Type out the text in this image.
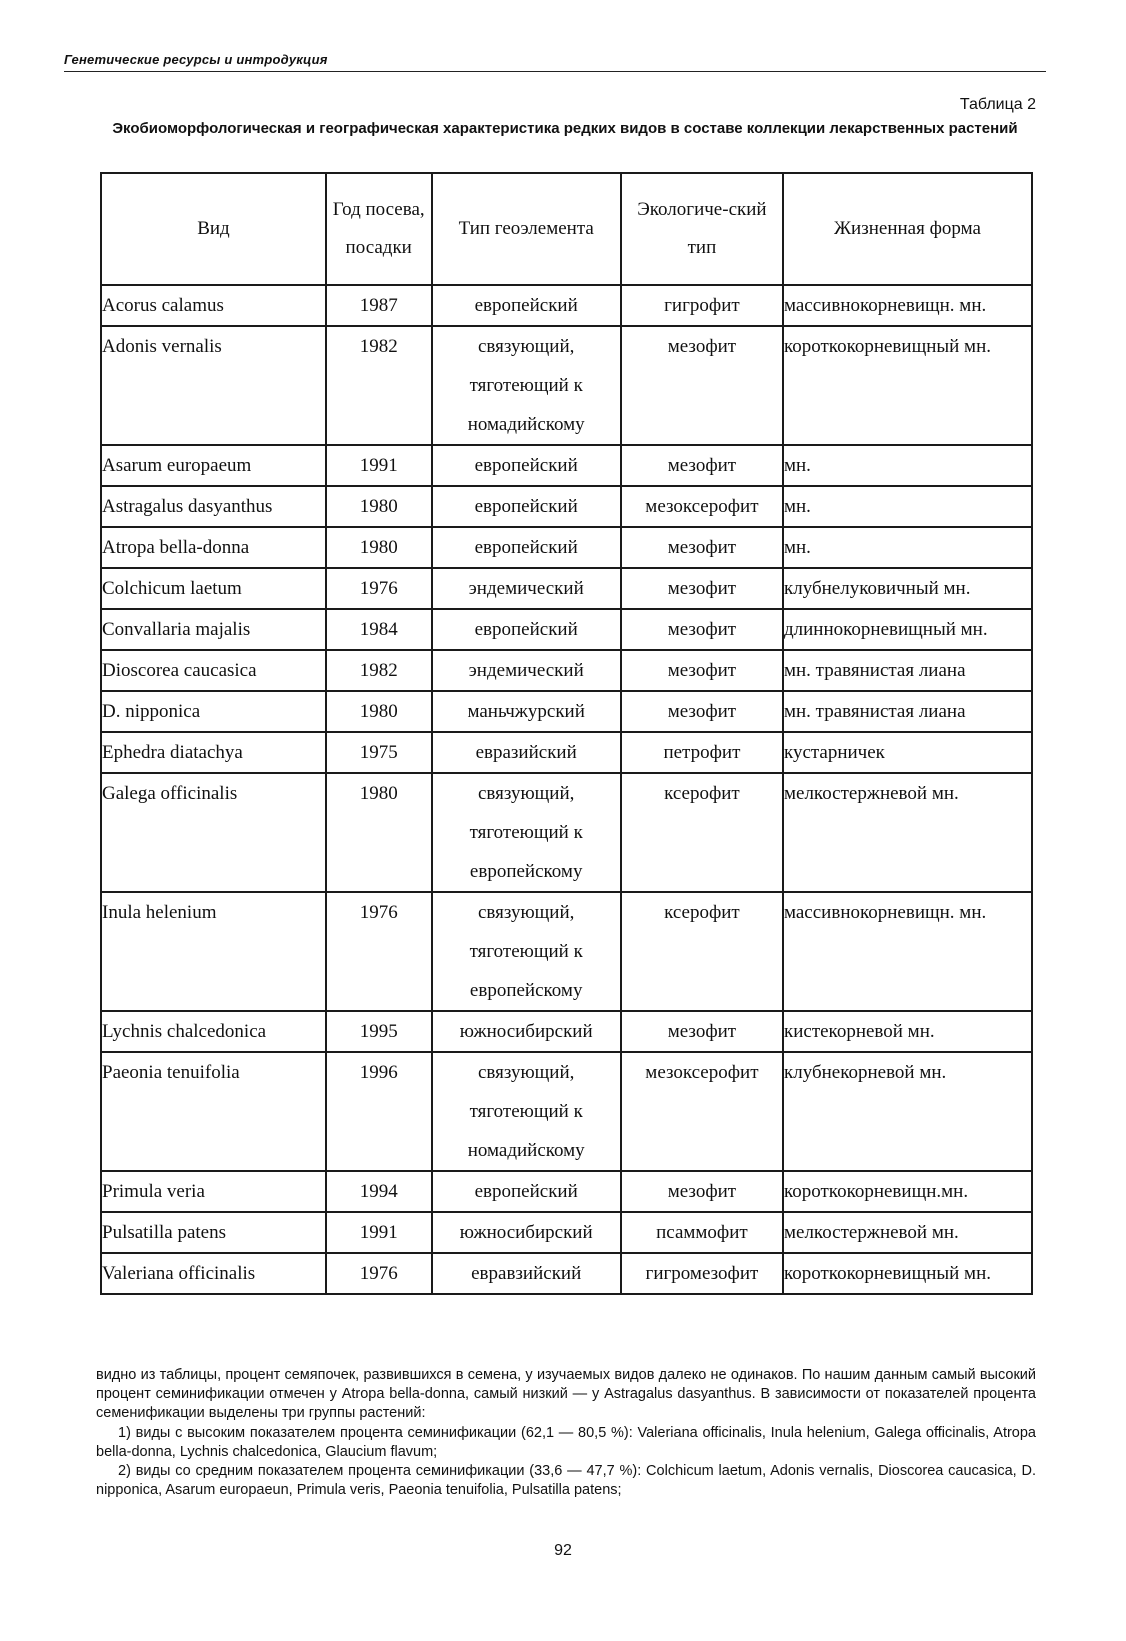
Генетические ресурсы и интродукция
Таблица 2
Экобиоморфологическая и географическая характеристика редких видов в составе коллекции лекарственных растений
Вид	Год посева, посадки	Тип геоэлемента	Экологиче-ский тип	Жизненная форма
Acorus calamus	1987	европейский	гигрофит	массивнокорневищн. мн.
Adonis vernalis	1982	связующий, тяготеющий к номадийскому	мезофит	короткокорневищный мн.
Asarum europaeum	1991	европейский	мезофит	мн.
Astragalus dasyanthus	1980	европейский	мезоксерофит	мн.
Atropa bella-donna	1980	европейский	мезофит	мн.
Colchicum laetum	1976	эндемический	мезофит	клубнелуковичный мн.
Convallaria majalis	1984	европейский	мезофит	длиннокорневищный мн.
Dioscorea caucasica	1982	эндемический	мезофит	мн. травянистая лиана
D. nipponica	1980	маньчжурский	мезофит	мн. травянистая лиана
Ephedra diatachya	1975	евразийский	петрофит	кустарничек
Galega officinalis	1980	связующий, тяготеющий к европейскому	ксерофит	мелкостержневой мн.
Inula helenium	1976	связующий, тяготеющий к европейскому	ксерофит	массивнокорневищн. мн.
Lychnis chalcedonica	1995	южносибирский	мезофит	кистекорневой мн.
Paeonia tenuifolia	1996	связующий, тяготеющий к номадийскому	мезоксерофит	клубнекорневой мн.
Primula veria	1994	европейский	мезофит	короткокорневищн.мн.
Pulsatilla patens	1991	южносибирский	псаммофит	мелкостержневой мн.
Valeriana officinalis	1976	евравзийский	гигромезофит	короткокорневищный мн.

видно из таблицы, процент семяпочек, развившихся в семена, у изучаемых видов далеко не одинаков. По нашим данным самый высокий процент семинификации отмечен у Atropa bella-donna, самый низкий — у Astragalus dasyanthus. В зависимости от показателей процента семенификации выделены три группы растений:

1) виды с высоким показателем процента семинификации (62,1 — 80,5 %): Valeriana officinalis, Inula helenium, Galega officinalis, Atropa bella-donna, Lychnis chalcedonica, Glaucium flavum;

2) виды со средним показателем процента семинификации (33,6 — 47,7 %): Colchicum laetum, Adonis vernalis, Dioscorea caucasica, D. nipponica, Asarum europaeun, Primula veris, Paeonia tenuifolia, Pulsatilla patens;

92
